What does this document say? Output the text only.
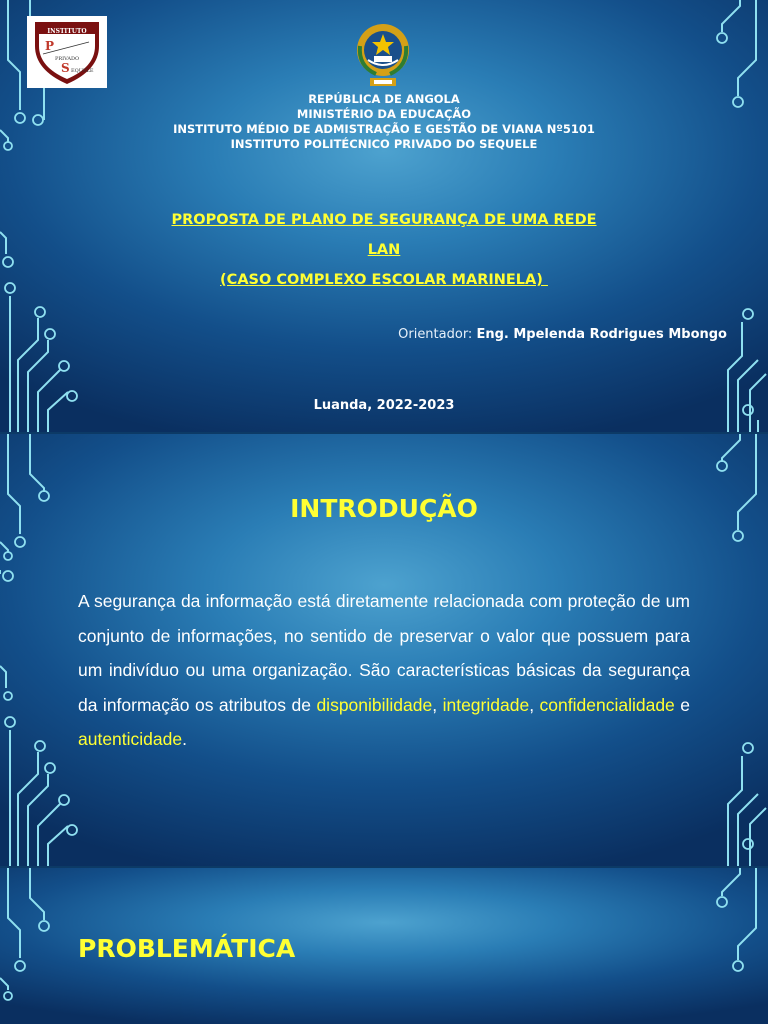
INSTITUTO
P
PRIVADO
S EQUELE
REPÚBLICA DE ANGOLA
MINISTÉRIO DA EDUCAÇÃO
INSTITUTO MÉDIO DE ADMISTRAÇÃO E GESTÃO DE VIANA Nº5101
INSTITUTO POLITÉCNICO PRIVADO DO SEQUELE
PROPOSTA DE PLANO DE SEGURANÇA DE UMA REDE
LAN
(CASO COMPLEXO ESCOLAR MARINELA)
Orientador: Eng. Mpelenda Rodrigues Mbongo
Luanda, 2022-2023
INTRODUÇÃO
A segurança da informação está diretamente relacionada com proteção de um conjunto de informações, no sentido de preservar o valor que possuem para um indivíduo ou uma organização. São características básicas da segurança da informação os atributos de disponibilidade, integridade, confidencialidade e autenticidade.
PROBLEMÁTICA
